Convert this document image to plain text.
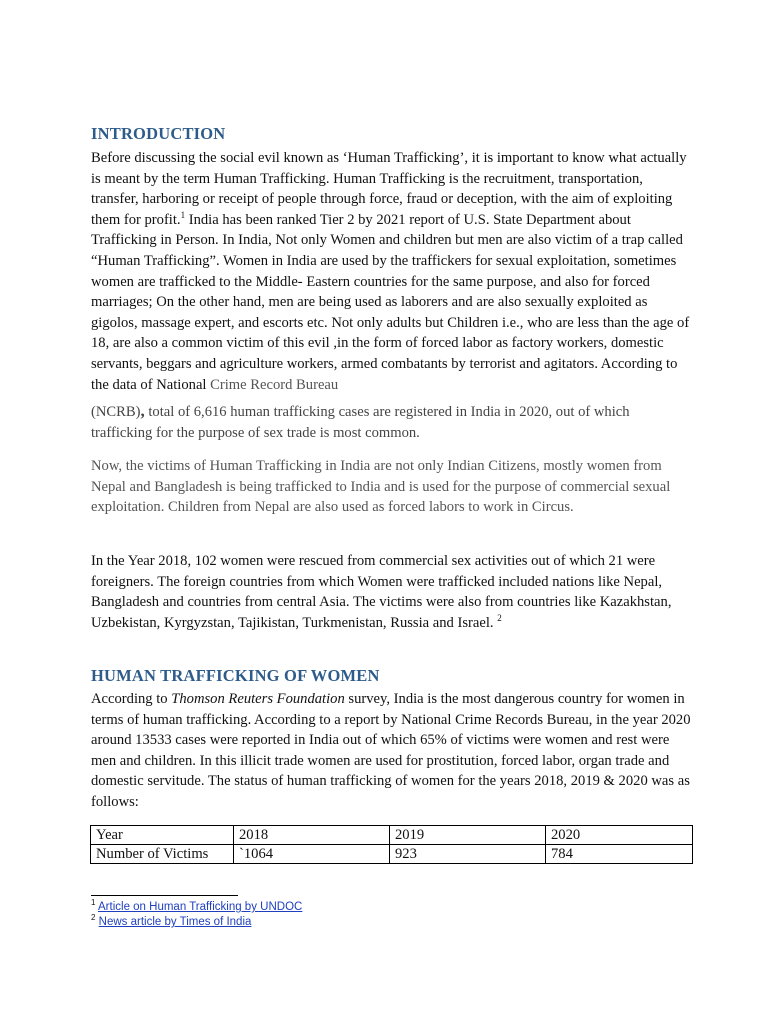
INTRODUCTION

Before discussing the social evil known as ‘Human Trafficking’, it is important to know what actually is meant by the term Human Trafficking. Human Trafficking is the recruitment, transportation, transfer, harboring or receipt of people through force, fraud or deception, with the aim of exploiting them for profit.$^1$ India has been ranked Tier 2 by 2021 report of U.S. State Department about Trafficking in Person. In India, Not only Women and children but men are also victim of a trap called “Human Trafficking”. Women in India are used by the traffickers for sexual exploitation, sometimes women are trafficked to the Middle- Eastern countries for the same purpose, and also for forced marriages; On the other hand, men are being used as laborers and are also sexually exploited as gigolos, massage expert, and escorts etc. Not only adults but Children i.e., who are less than the age of 18, are also a common victim of this evil ,in the form of forced labor as factory workers, domestic servants, beggars and agriculture workers, armed combatants by terrorist and agitators. According to the data of National Crime Record Bureau

(NCRB), total of 6,616 human trafficking cases are registered in India in 2020, out of which trafficking for the purpose of sex trade is most common.

Now, the victims of Human Trafficking in India are not only Indian Citizens, mostly women from Nepal and Bangladesh is being trafficked to India and is used for the purpose of commercial sexual exploitation. Children from Nepal are also used as forced labors to work in Circus.

In the Year 2018, 102 women were rescued from commercial sex activities out of which 21 were foreigners. The foreign countries from which Women were trafficked included nations like Nepal, Bangladesh and countries from central Asia. The victims were also from countries like Kazakhstan, Uzbekistan, Kyrgyzstan, Tajikistan, Turkmenistan, Russia and Israel. $^2$

HUMAN TRAFFICKING OF WOMEN

According to Thomson Reuters Foundation survey, India is the most dangerous country for women in terms of human trafficking. According to a report by National Crime Records Bureau, in the year 2020 around 13533 cases were reported in India out of which 65% of victims were women and rest were men and children. In this illicit trade women are used for prostitution, forced labor, organ trade and domestic servitude. The status of human trafficking of women for the years 2018, 2019 & 2020 was as follows:

Year	2018	2019	2020
Number of Victims	`1064	923	784

$^1$ Article on Human Trafficking by UNDOC

$^2$ News article by Times of India
